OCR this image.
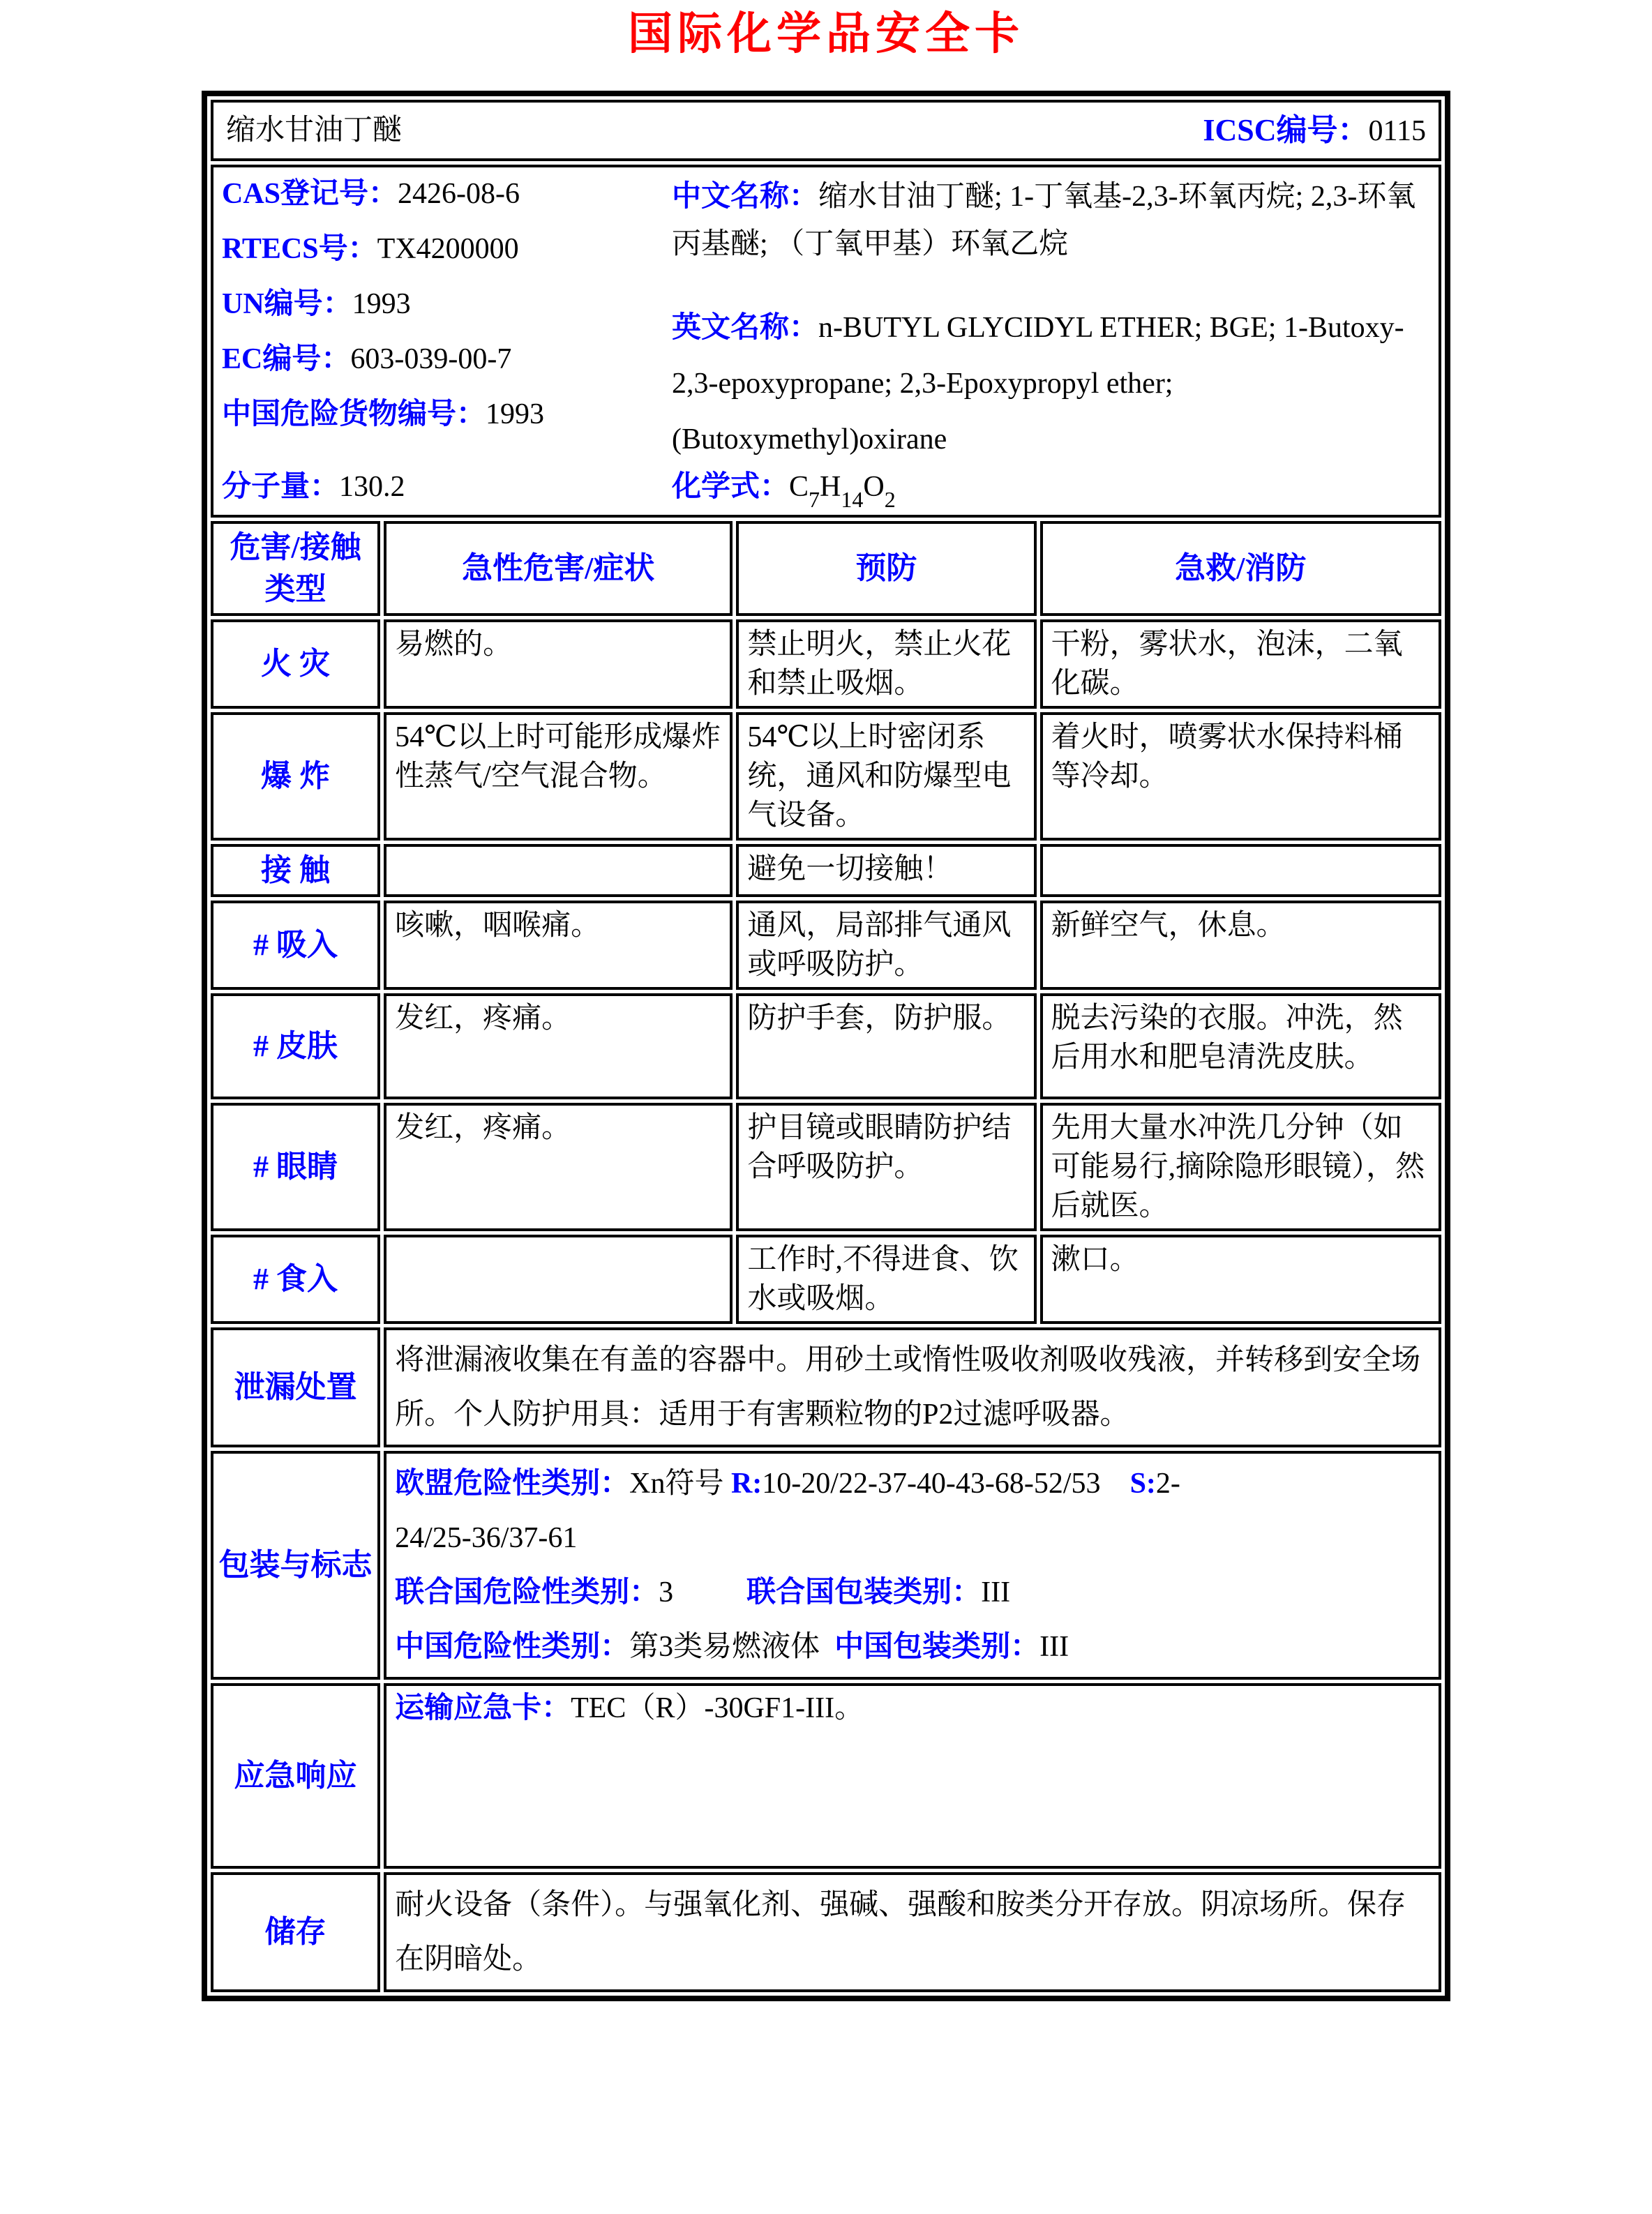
国际化学品安全卡
缩水甘油丁醚 ICSC编号：0115			

CAS登记号：2426-08-6
RTECS号：TX4200000
UN编号：1993
EC编号：603-039-00-7
中国危险货物编号：1993

中文名称：缩水甘油丁醚; 1-丁氧基-2,3-环氧丙烷; 2,3-环氧丙基醚; （丁氧甲基）环氧乙烷

英文名称：n-BUTYL GLYCIDYL ETHER; BGE; 1-Butoxy-2,3-epoxypropane; 2,3-Epoxypropyl ether; (Butoxymethyl)oxirane

分子量：130.2	化学式：$C_7H_{14}O_2$

危害/接触
类型	急性危害/症状	预防	急救/消防
火 灾	易燃的。	禁止明火，禁止火花和禁止吸烟。	干粉，雾状水，泡沫，二氧化碳。
爆 炸	54℃以上时可能形成爆炸性蒸气/空气混合物。	54℃以上时密闭系统，通风和防爆型电气设备。	着火时，喷雾状水保持料桶等冷却。
接 触		避免一切接触！	
# 吸入	咳嗽，咽喉痛。	通风，局部排气通风或呼吸防护。	新鲜空气，休息。
# 皮肤	发红，疼痛。	防护手套，防护服。	脱去污染的衣服。冲洗，然后用水和肥皂清洗皮肤。
# 眼睛	发红，疼痛。	护目镜或眼睛防护结合呼吸防护。	先用大量水冲洗几分钟（如可能易行,摘除隐形眼镜），然后就医。
# 食入		工作时,不得进食、饮水或吸烟。	漱口。
泄漏处置	将泄漏液收集在有盖的容器中。用砂土或惰性吸收剂吸收残液，并转移到安全场所。个人防护用具：适用于有害颗粒物的P2过滤呼吸器。		
包装与标志	欧盟危险性类别：Xn符号 R:10-20/22-37-40-43-68-52/53    S:2-

24/25-36/37-61

联合国危险性类别：3          联合国包装类别：III

中国危险性类别：第3类易燃液体  中国包装类别：III		

应急响应	运输应急卡：TEC（R）-30GF1-III。		

储存	耐火设备（条件）。与强氧化剂、强碱、强酸和胺类分开存放。阴凉场所。保存在阴暗处。		
